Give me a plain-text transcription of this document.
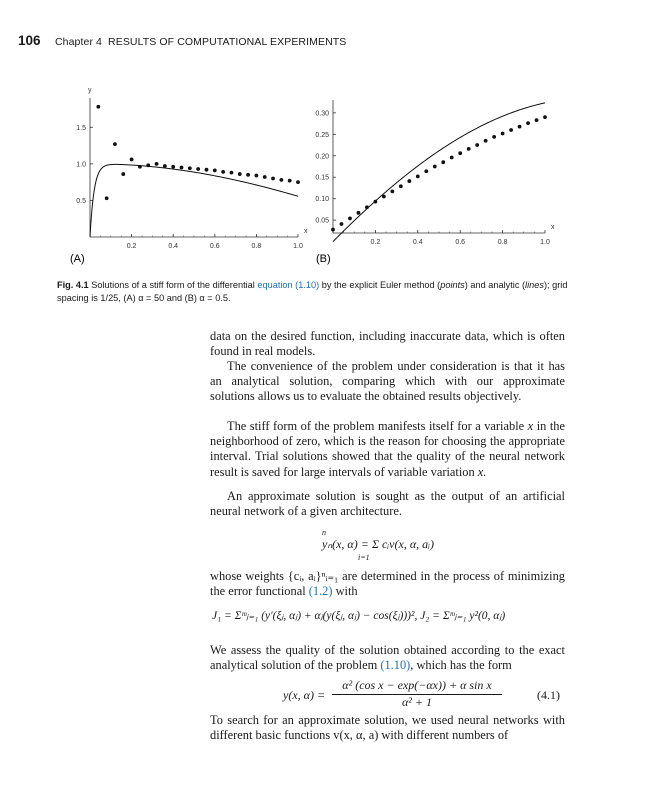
106 Chapter 4 RESULTS OF COMPUTATIONAL EXPERIMENTS
0.2	0.4	0.6	0.8	1.0
0.5
1.0
1.5
x
y
0.2	0.4	0.6	0.8	1.0
0.05
0.10
0.15
0.20
0.25
0.30
x
(A)	(B)
Fig. 4.1 Solutions of a stiff form of the differential equation (1.10) by the explicit Euler method (points) and analytic (lines); grid spacing is 1/25, (A) α = 50 and (B) α = 0.5.
data on the desired function, including inaccurate data, which is often found in real models.
The convenience of the problem under consideration is that it has an analytical solution, comparing which with our approximate solutions allows us to evaluate the obtained results objectively.
The stiff form of the problem manifests itself for a variable x in the neighborhood of zero, which is the reason for choosing the appropriate interval. Trial solutions showed that the quality of the neural network result is saved for large intervals of variable variation x.
An approximate solution is sought as the output of an artificial neural network of a given architecture.
n
yₙ(x, α) = Σ cᵢv(x, α, aᵢ)
i=1
whose weights {cᵢ, aᵢ}ⁿᵢ₌₁ are determined in the process of minimizing the error functional (1.2) with
J₁ = Σᵐⱼ₌₁ (y′(ξⱼ, αⱼ) + αⱼ(y(ξⱼ, αⱼ) − cos(ξⱼ)))², J₂ = Σᵐⱼ₌₁ y²(0, αⱼ)
We assess the quality of the solution obtained according to the exact analytical solution of the problem (1.10), which has the form
y(x, α) =
α² (cos x − exp(−αx)) + α sin x
α² + 1	(4.1)
To search for an approximate solution, we used neural networks with different basic functions v(x, α, a) with different numbers of
